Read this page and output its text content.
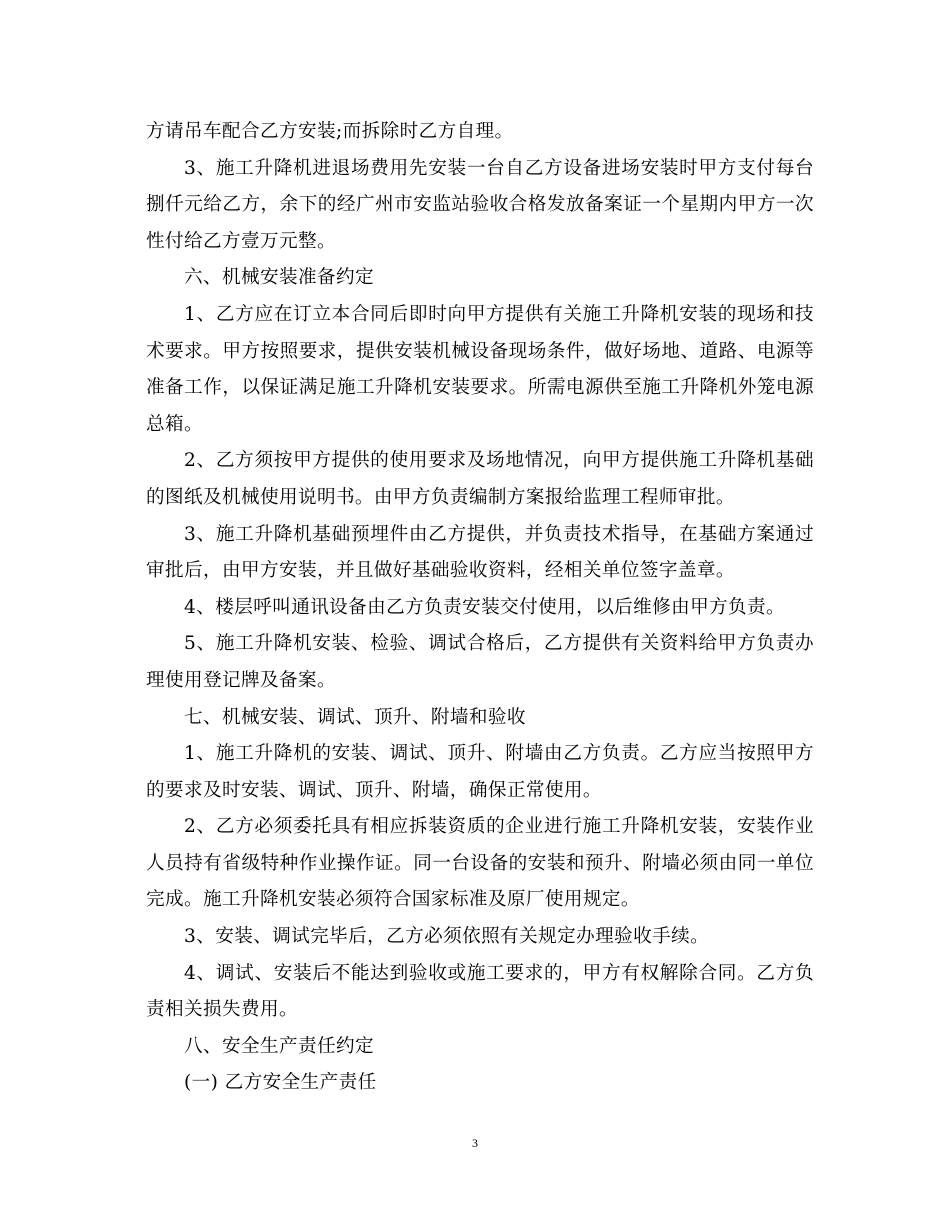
方请吊车配合乙方安装;而拆除时乙方自理。

3、施工升降机进退场费用先安装一台自乙方设备进场安装时甲方支付每台捌仟元给乙方，余下的经广州市安监站验收合格发放备案证一个星期内甲方一次性付给乙方壹万元整。

六、机械安装准备约定

1、乙方应在订立本合同后即时向甲方提供有关施工升降机安装的现场和技术要求。甲方按照要求，提供安装机械设备现场条件，做好场地、道路、电源等准备工作，以保证满足施工升降机安装要求。所需电源供至施工升降机外笼电源总箱。

2、乙方须按甲方提供的使用要求及场地情况，向甲方提供施工升降机基础的图纸及机械使用说明书。由甲方负责编制方案报给监理工程师审批。

3、施工升降机基础预埋件由乙方提供，并负责技术指导，在基础方案通过审批后，由甲方安装，并且做好基础验收资料，经相关单位签字盖章。

4、楼层呼叫通讯设备由乙方负责安装交付使用，以后维修由甲方负责。

5、施工升降机安装、检验、调试合格后，乙方提供有关资料给甲方负责办理使用登记牌及备案。

七、机械安装、调试、顶升、附墙和验收

1、施工升降机的安装、调试、顶升、附墙由乙方负责。乙方应当按照甲方的要求及时安装、调试、顶升、附墙，确保正常使用。

2、乙方必须委托具有相应拆装资质的企业进行施工升降机安装，安装作业人员持有省级特种作业操作证。同一台设备的安装和预升、附墙必须由同一单位完成。施工升降机安装必须符合国家标准及原厂使用规定。

3、安装、调试完毕后，乙方必须依照有关规定办理验收手续。

4、调试、安装后不能达到验收或施工要求的，甲方有权解除合同。乙方负责相关损失费用。

八、安全生产责任约定

(一) 乙方安全生产责任

3
